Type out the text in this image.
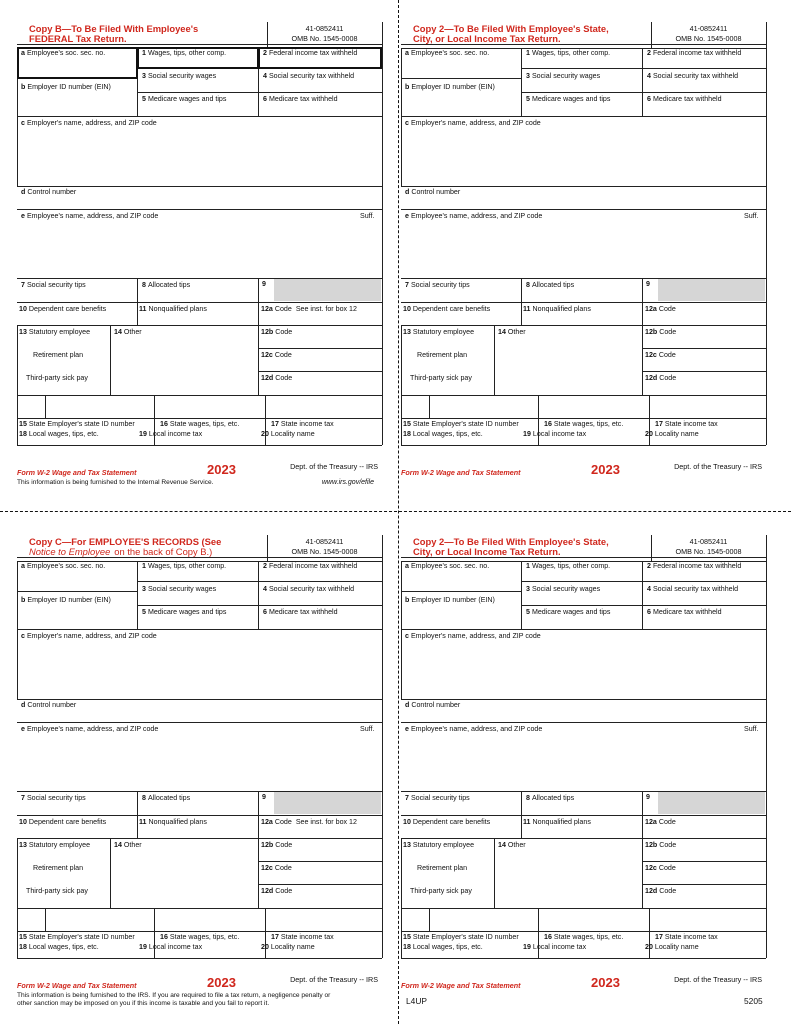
L4UP	5205
Copy B—To Be Filed With Employee's
FEDERAL Tax Return.
41-0852411
OMB No. 1545-0008
9
a Employee's soc. sec. no.	1 Wages, tips, other comp.	2 Federal income tax withheld
3 Social security wages	4 Social security tax withheld
b Employer ID number (EIN)
5 Medicare wages and tips	6 Medicare tax withheld
c Employer's name, address, and ZIP code
d Control number
e Employee's name, address, and ZIP code	Suff.
7 Social security tips	8 Allocated tips
10 Dependent care benefits	11 Nonqualified plans	12a Code See inst. for box 12
13 Statutory employee	14 Other	12b Code
Retirement plan	12c Code
Third-party sick pay	12d Code
15 State Employer's state ID number	16 State wages, tips, etc.	17 State income tax
18 Local wages, tips, etc.	19 Local income tax	20 Locality name
Form W-2 Wage and Tax Statement	2023	Dept. of the Treasury -- IRS
This information is being furnished to the Internal Revenue Service.	www.irs.gov/efile
Copy 2—To Be Filed With Employee's State,
City, or Local Income Tax Return.
41-0852411
OMB No. 1545-0008
9
a Employee's soc. sec. no.	1 Wages, tips, other comp.	2 Federal income tax withheld
3 Social security wages	4 Social security tax withheld
b Employer ID number (EIN)
5 Medicare wages and tips	6 Medicare tax withheld
c Employer's name, address, and ZIP code
d Control number
e Employee's name, address, and ZIP code	Suff.
7 Social security tips	8 Allocated tips
10 Dependent care benefits	11 Nonqualified plans	12a Code
13 Statutory employee	14 Other	12b Code
Retirement plan	12c Code
Third-party sick pay	12d Code
15 State Employer's state ID number	16 State wages, tips, etc.	17 State income tax
18 Local wages, tips, etc.	19 Local income tax	20 Locality name
Form W-2 Wage and Tax Statement	2023	Dept. of the Treasury -- IRS
Copy C—For EMPLOYEE'S RECORDS (See
Notice to Employee on the back of Copy B.)
41-0852411
OMB No. 1545-0008
9
a Employee's soc. sec. no.	1 Wages, tips, other comp.	2 Federal income tax withheld
3 Social security wages	4 Social security tax withheld
b Employer ID number (EIN)
5 Medicare wages and tips	6 Medicare tax withheld
c Employer's name, address, and ZIP code
d Control number
e Employee's name, address, and ZIP code	Suff.
7 Social security tips	8 Allocated tips
10 Dependent care benefits	11 Nonqualified plans	12a Code See inst. for box 12
13 Statutory employee	14 Other	12b Code
Retirement plan	12c Code
Third-party sick pay	12d Code
15 State Employer's state ID number	16 State wages, tips, etc.	17 State income tax
18 Local wages, tips, etc.	19 Local income tax	20 Locality name
Form W-2 Wage and Tax Statement	2023	Dept. of the Treasury -- IRS
This information is being furnished to the IRS. If you are required to file a tax return, a negligence penalty or other sanction may be imposed on you if this income is taxable and you fail to report it.
Copy 2—To Be Filed With Employee's State,
City, or Local Income Tax Return.
41-0852411
OMB No. 1545-0008
9
a Employee's soc. sec. no.	1 Wages, tips, other comp.	2 Federal income tax withheld
3 Social security wages	4 Social security tax withheld
b Employer ID number (EIN)
5 Medicare wages and tips	6 Medicare tax withheld
c Employer's name, address, and ZIP code
d Control number
e Employee's name, address, and ZIP code	Suff.
7 Social security tips	8 Allocated tips
10 Dependent care benefits	11 Nonqualified plans	12a Code
13 Statutory employee	14 Other	12b Code
Retirement plan	12c Code
Third-party sick pay	12d Code
15 State Employer's state ID number	16 State wages, tips, etc.	17 State income tax
18 Local wages, tips, etc.	19 Local income tax	20 Locality name
Form W-2 Wage and Tax Statement	2023	Dept. of the Treasury -- IRS
